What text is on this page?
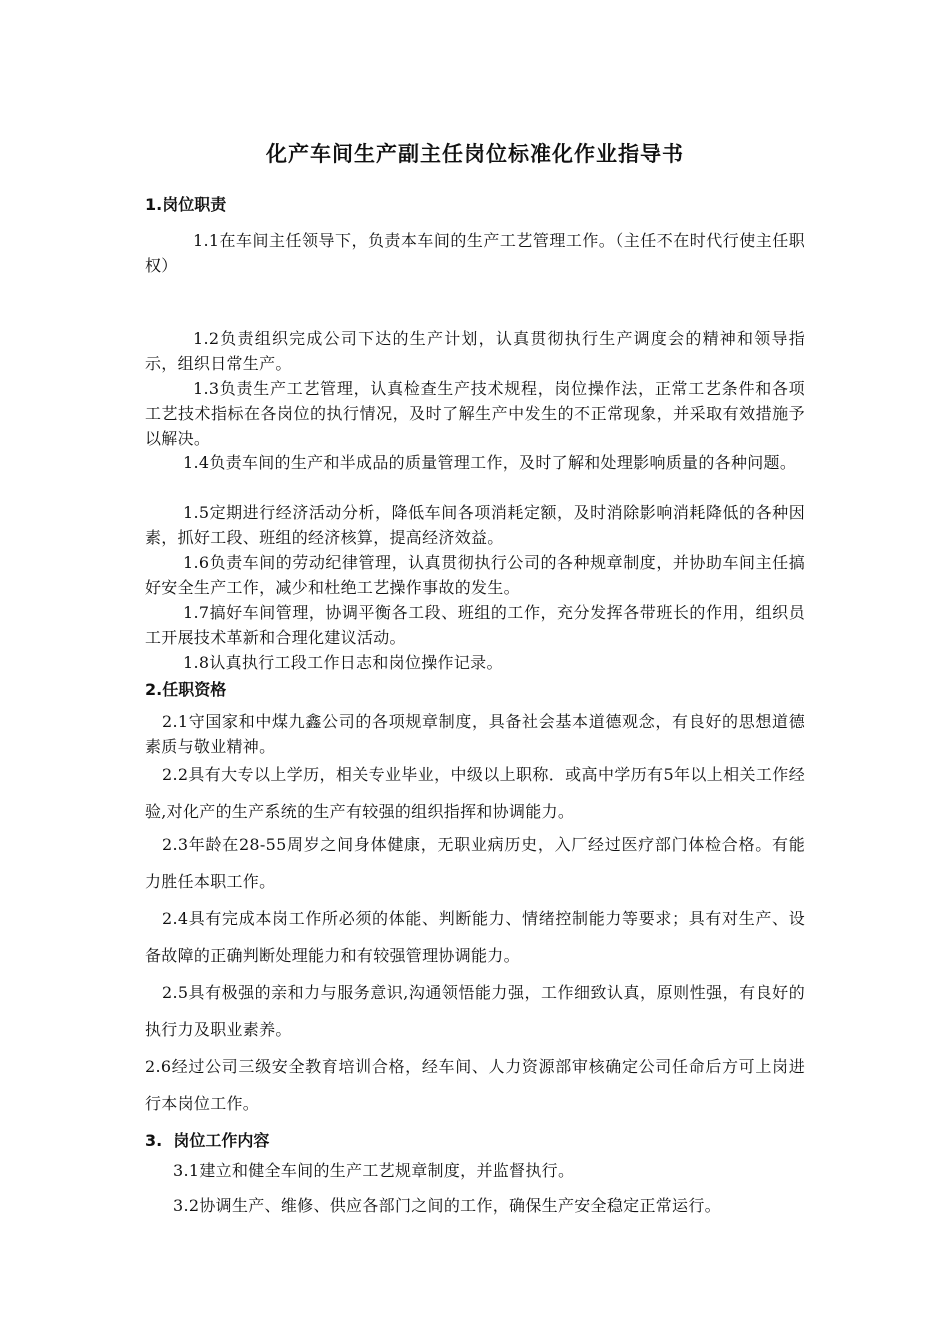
化产车间生产副主任岗位标准化作业指导书
1.岗位职责
1.1在车间主任领导下，负责本车间的生产工艺管理工作。（主任不在时代行使主任职权）
1.2负责组织完成公司下达的生产计划，认真贯彻执行生产调度会的精神和领导指示，组织日常生产。
1.3负责生产工艺管理，认真检查生产技术规程，岗位操作法，正常工艺条件和各项工艺技术指标在各岗位的执行情况，及时了解生产中发生的不正常现象，并采取有效措施予以解决。
1.4负责车间的生产和半成品的质量管理工作，及时了解和处理影响质量的各种问题。
1.5定期进行经济活动分析，降低车间各项消耗定额，及时消除影响消耗降低的各种因素，抓好工段、班组的经济核算，提高经济效益。
1.6负责车间的劳动纪律管理，认真贯彻执行公司的各种规章制度，并协助车间主任搞好安全生产工作，减少和杜绝工艺操作事故的发生。
1.7搞好车间管理，协调平衡各工段、班组的工作，充分发挥各带班长的作用，组织员工开展技术革新和合理化建议活动。
1.8认真执行工段工作日志和岗位操作记录。
2.任职资格
2.1守国家和中煤九鑫公司的各项规章制度，具备社会基本道德观念，有良好的思想道德素质与敬业精神。
2.2具有大专以上学历，相关专业毕业，中级以上职称．或高中学历有5年以上相关工作经验,对化产的生产系统的生产有较强的组织指挥和协调能力。
2.3年龄在28-55周岁之间身体健康，无职业病历史，入厂经过医疗部门体检合格。有能力胜任本职工作。
2.4具有完成本岗工作所必须的体能、判断能力、情绪控制能力等要求；具有对生产、设备故障的正确判断处理能力和有较强管理协调能力。
2.5具有极强的亲和力与服务意识,沟通领悟能力强，工作细致认真，原则性强，有良好的执行力及职业素养。
2.6经过公司三级安全教育培训合格，经车间、人力资源部审核确定公司任命后方可上岗进行本岗位工作。
3.  岗位工作内容
3.1建立和健全车间的生产工艺规章制度，并监督执行。
3.2协调生产、维修、供应各部门之间的工作，确保生产安全稳定正常运行。
